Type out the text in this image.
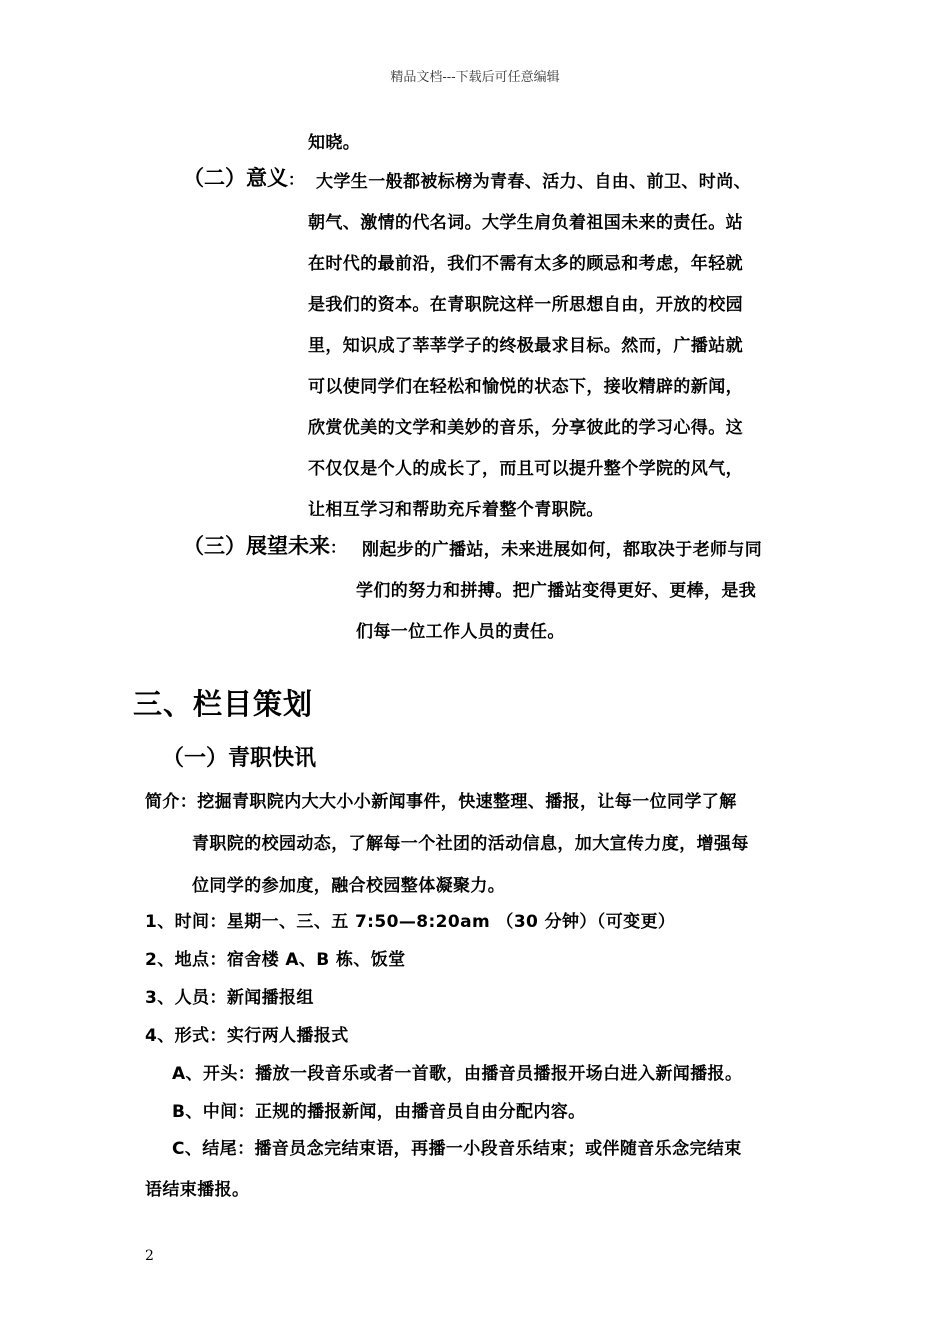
精品文档---下载后可任意编辑
知晓。
（二）意义： 大学生一般都被标榜为青春、活力、自由、前卫、时尚、
朝气、激情的代名词。大学生肩负着祖国未来的责任。站
在时代的最前沿，我们不需有太多的顾忌和考虑，年轻就
是我们的资本。在青职院这样一所思想自由，开放的校园
里，知识成了莘莘学子的终极最求目标。然而，广播站就
可以使同学们在轻松和愉悦的状态下，接收精辟的新闻，
欣赏优美的文学和美妙的音乐，分享彼此的学习心得。这
不仅仅是个人的成长了，而且可以提升整个学院的风气，
让相互学习和帮助充斥着整个青职院。
（三）展望未来： 刚起步的广播站，未来进展如何，都取决于老师与同
学们的努力和拼搏。把广播站变得更好、更棒，是我
们每一位工作人员的责任。
三、栏目策划
（一）青职快讯
简介：挖掘青职院内大大小小新闻事件，快速整理、播报，让每一位同学了解
青职院的校园动态，了解每一个社团的活动信息，加大宣传力度，增强每
位同学的参加度，融合校园整体凝聚力。
1、时间：星期一、三、五 7:50—8:20am （30 分钟）（可变更）
2、地点：宿舍楼 A、B 栋、饭堂
3、人员：新闻播报组
4、形式：实行两人播报式
A、开头：播放一段音乐或者一首歌，由播音员播报开场白进入新闻播报。
B、中间：正规的播报新闻，由播音员自由分配内容。
C、结尾：播音员念完结束语，再播一小段音乐结束；或伴随音乐念完结束
语结束播报。
2
